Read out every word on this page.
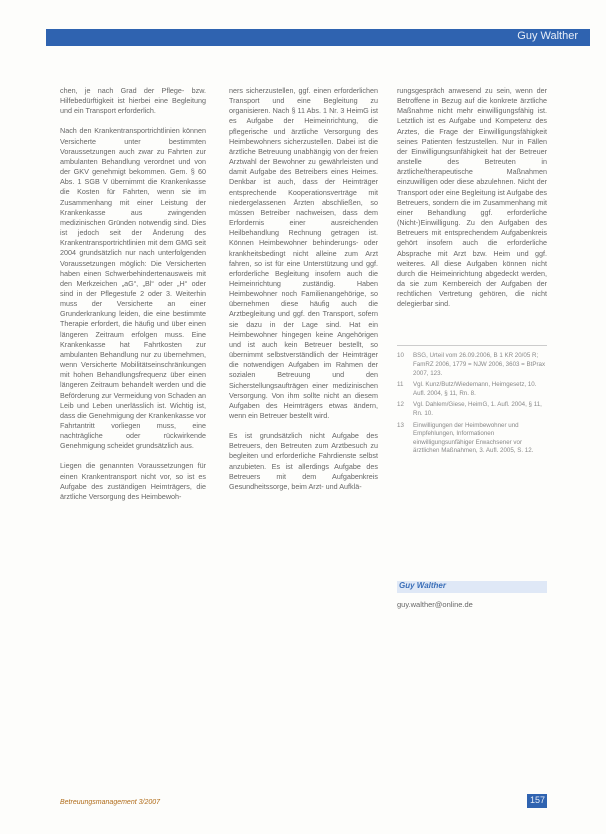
Guy Walther

chen, je nach Grad der Pflege- bzw. Hilfebedürftigkeit ist hierbei eine Begleitung und ein Transport erforderlich.

Nach den Krankentransportrichtlinien können Versicherte unter bestimmten Voraussetzungen auch zwar zu Fahrten zur ambulanten Behandlung verordnet und von der GKV genehmigt bekommen. Gem. § 60 Abs. 1 SGB V übernimmt die Krankenkasse die Kosten für Fahrten, wenn sie im Zusammenhang mit einer Leistung der Krankenkasse aus zwingenden medizinischen Gründen notwendig sind. Dies ist jedoch seit der Änderung des Krankentransportrichtlinien mit dem GMG seit 2004 grundsätzlich nur nach unterfolgenden Voraussetzungen möglich: Die Versicherten haben einen Schwerbehindertenausweis mit den Merkzeichen „aG“, „Bl“ oder „H“ oder sind in der Pflegestufe 2 oder 3. Weiterhin muss der Versicherte an einer Grunderkrankung leiden, die eine bestimmte Therapie erfordert, die häufig und über einen längeren Zeitraum erfolgen muss. Eine Krankenkasse hat Fahrtkosten zur ambulanten Behandlung nur zu übernehmen, wenn Versicherte Mobilitätseinschränkungen mit hohen Behandlungsfrequenz über einen längeren Zeitraum behandelt werden und die Beförderung zur Vermeidung von Schaden an Leib und Leben unerlässlich ist. Wichtig ist, dass die Genehmigung der Krankenkasse vor Fahrtantritt vorliegen muss, eine nachträgliche oder rückwirkende Genehmigung scheidet grundsätzlich aus.

Liegen die genannten Voraussetzungen für einen Krankentransport nicht vor, so ist es Aufgabe des zuständigen Heimträgers, die ärztliche Versorgung des Heimbewoh-

ners sicherzustellen, ggf. einen erforderlichen Transport und eine Begleitung zu organisieren. Nach § 11 Abs. 1 Nr. 3 HeimG ist es Aufgabe der Heimeinrichtung, die pflegerische und ärztliche Versorgung des Heimbewohners sicherzustellen. Dabei ist die ärztliche Betreuung unabhängig von der freien Arztwahl der Bewohner zu gewährleisten und damit Aufgabe des Betreibers eines Heimes. Denkbar ist auch, dass der Heimträger entsprechende Kooperationsverträge mit niedergelassenen Ärzten abschließen, so müssen Betreiber nachweisen, dass dem Erfordernis einer ausreichenden Heilbehandlung Rechnung getragen ist. Können Heimbewohner behinderungs- oder krankheitsbedingt nicht alleine zum Arzt fahren, so ist für eine Unterstützung und ggf. erforderliche Begleitung insofern auch die Heimeinrichtung zuständig. Haben Heimbewohner noch Familienangehörige, so übernehmen diese häufig auch die Arztbegleitung und ggf. den Transport, sofern sie dazu in der Lage sind. Hat ein Heimbewohner hingegen keine Angehörigen und ist auch kein Betreuer bestellt, so übernimmt selbstverständlich der Heimträger die notwendigen Aufgaben im Rahmen der sozialen Betreuung und den Sicherstellungsaufträgen einer medizinischen Versorgung. Von ihm sollte nicht an diesem Aufgaben des Heimträgers etwas ändern, wenn ein Betreuer bestellt wird.

Es ist grundsätzlich nicht Aufgabe des Betreuers, den Betreuten zum Arztbesuch zu begleiten und erforderliche Fahrdienste selbst anzubieten. Es ist allerdings Aufgabe des Betreuers mit dem Aufgabenkreis Gesundheitssorge, beim Arzt- und Aufklä-

rungsgespräch anwesend zu sein, wenn der Betroffene in Bezug auf die konkrete ärztliche Maßnahme nicht mehr einwilligungsfähig ist. Letztlich ist es Aufgabe und Kompetenz des Arztes, die Frage der Einwilligungsfähigkeit seines Patienten festzustellen. Nur in Fällen der Einwilligungsunfähigkeit hat der Betreuer anstelle des Betreuten in ärztliche/therapeutische Maßnahmen einzuwilligen oder diese abzulehnen. Nicht der Transport oder eine Begleitung ist Aufgabe des Betreuers, sondern die im Zusammenhang mit einer Behandlung ggf. erforderliche (Nicht-)Einwilligung. Zu den Aufgaben des Betreuers mit entsprechendem Aufgabenkreis gehört insofern auch die erforderliche Absprache mit Arzt bzw. Heim und ggf. weiteres. All diese Aufgaben können nicht durch die Heimeinrichtung abgedeckt werden, da sie zum Kernbereich der Aufgaben der rechtlichen Vertretung gehören, die nicht delegierbar sind.

10	BSG, Urteil vom 26.09.2006, B 1 KR 20/05 R; FamRZ 2006, 1779 = NJW 2006, 3603 = BtPrax 2007, 123.
11	Vgl. Kunz/Butz/Wiedemann, Heimgesetz, 10. Aufl. 2004, § 11, Rn. 8.
12	Vgl. Dahlem/Giese, HeimG, 1. Aufl. 2004, § 11, Rn. 10.
13	Einwilligungen der Heimbewohner und Empfehlungen, Informationen einwilligungsunfähiger Erwachsener vor ärztlichen Maßnahmen, 3. Aufl. 2005, S. 12.
Guy Walther
guy.walther@online.de
Betreuungsmanagement 3/2007	157
